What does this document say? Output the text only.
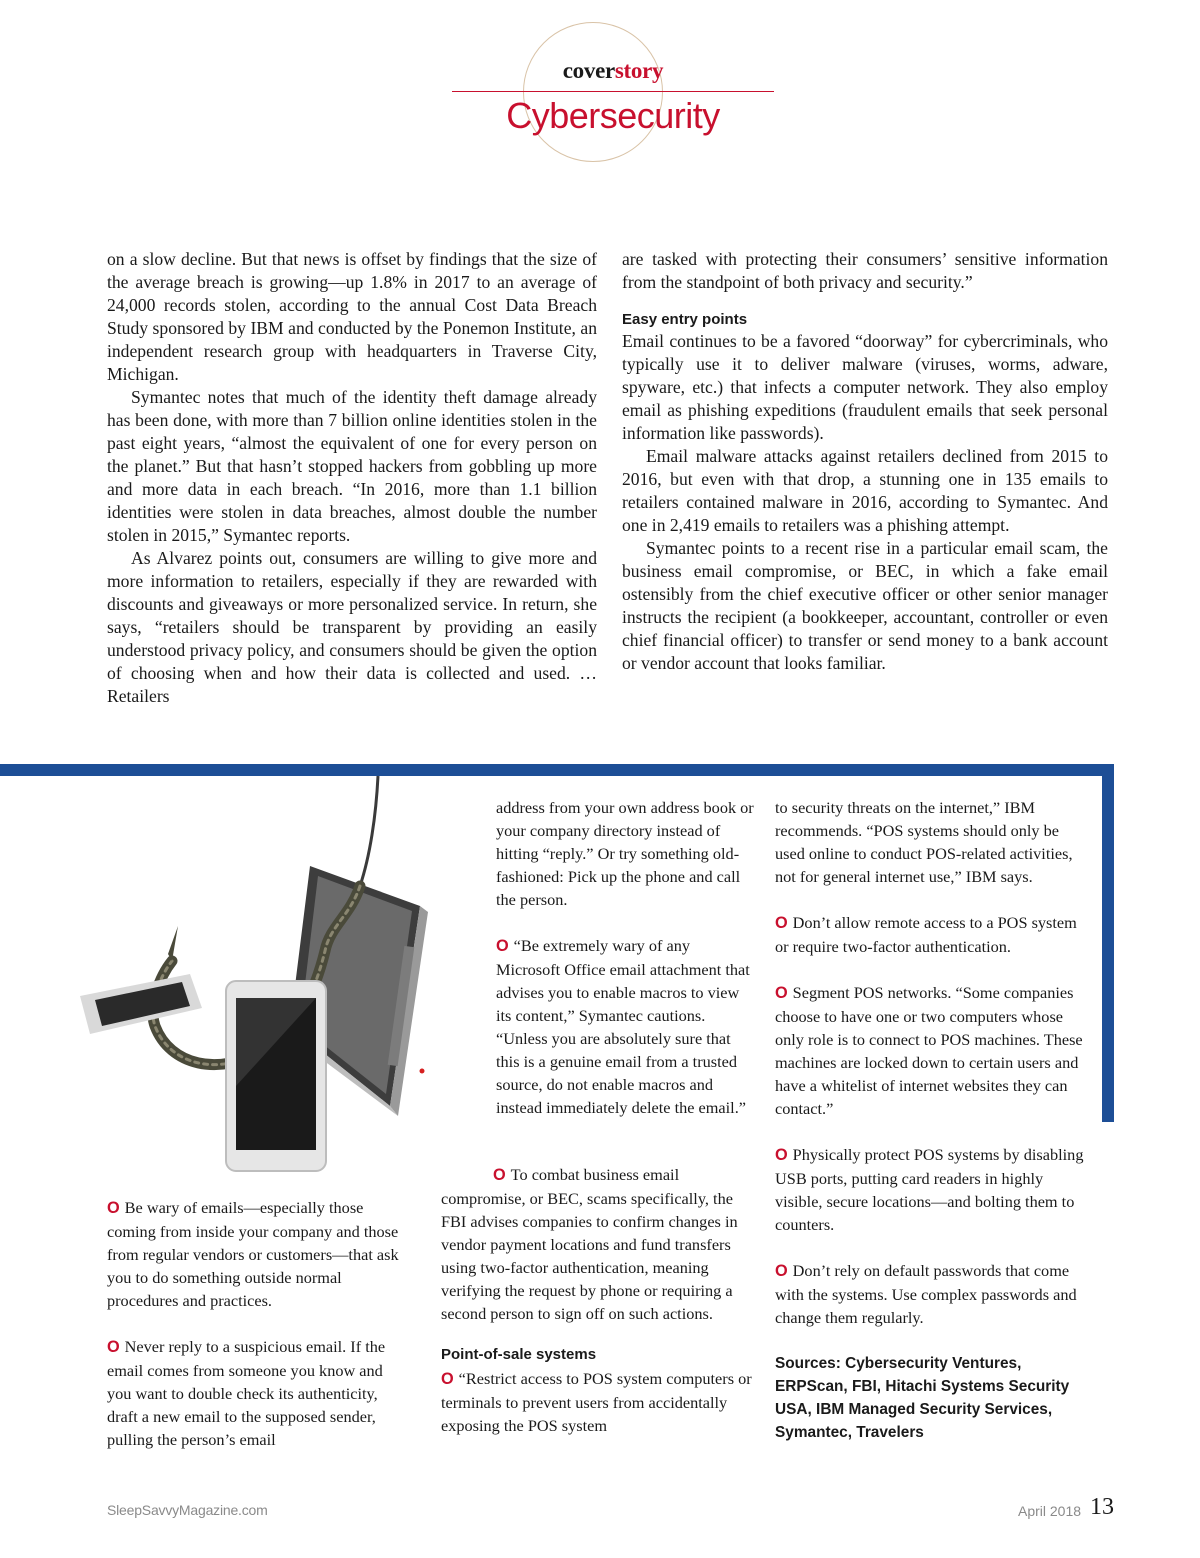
coverstory
Cybersecurity

on a slow decline. But that news is offset by findings that the size of the average breach is growing—up 1.8% in 2017 to an average of 24,000 records stolen, according to the annual Cost Data Breach Study sponsored by IBM and conducted by the Ponemon Institute, an independent research group with headquarters in Traverse City, Michigan.

Symantec notes that much of the identity theft damage already has been done, with more than 7 billion online identities stolen in the past eight years, “almost the equivalent of one for every person on the planet.” But that hasn’t stopped hackers from gobbling up more and more data in each breach. “In 2016, more than 1.1 billion identities were stolen in data breaches, almost double the number stolen in 2015,” Symantec reports.

As Alvarez points out, consumers are willing to give more and more information to retailers, especially if they are rewarded with discounts and giveaways or more personalized service. In return, she says, “retailers should be transparent by providing an easily understood privacy policy, and consumers should be given the option of choosing when and how their data is collected and used. … Retailers

are tasked with protecting their consumers’ sensitive information from the standpoint of both privacy and security.”

Easy entry points

Email continues to be a favored “doorway” for cybercriminals, who typically use it to deliver malware (viruses, worms, adware, spyware, etc.) that infects a computer network. They also employ email as phishing expeditions (fraudulent emails that seek personal information like passwords).

Email malware attacks against retailers declined from 2015 to 2016, but even with that drop, a stunning one in 135 emails to retailers contained malware in 2016, according to Symantec. And one in 2,419 emails to retailers was a phishing attempt.

Symantec points to a recent rise in a particular email scam, the business email compromise, or BEC, in which a fake email ostensibly from the chief executive officer or other senior manager instructs the recipient (a bookkeeper, accountant, controller or even chief financial officer) to transfer or send money to a bank account or vendor account that looks familiar.

O Be wary of emails—especially those coming from inside your company and those from regular vendors or customers—that ask you to do something outside normal procedures and practices.

O Never reply to a suspicious email. If the email comes from someone you know and you want to double check its authenticity, draft a new email to the supposed sender, pulling the person’s email

address from your own address book or your company directory instead of hitting “reply.” Or try something old-fashioned: Pick up the phone and call the person.

O “Be extremely wary of any Microsoft Office email attachment that advises you to enable macros to view its content,” Symantec cautions. “Unless you are absolutely sure that this is a genuine email from a trusted source, do not enable macros and instead immediately delete the email.”

O To combat business email compromise, or BEC, scams specifically, the FBI advises companies to confirm changes in vendor payment locations and fund transfers using two-factor authentication, meaning verifying the request by phone or requiring a second person to sign off on such actions.

Point-of-sale systems

O “Restrict access to POS system computers or terminals to prevent users from accidentally exposing the POS system

to security threats on the internet,” IBM recommends. “POS systems should only be used online to conduct POS-related activities, not for general internet use,” IBM says.

O Don’t allow remote access to a POS system or require two-factor authentication.

O Segment POS networks. “Some companies choose to have one or two computers whose only role is to connect to POS machines. These machines are locked down to certain users and have a whitelist of internet websites they can contact.”

O Physically protect POS systems by disabling USB ports, putting card readers in highly visible, secure locations—and bolting them to counters.

O Don’t rely on default passwords that come with the systems. Use complex passwords and change them regularly.

Sources: Cybersecurity Ventures, ERPScan, FBI, Hitachi Systems Security USA, IBM Managed Security Services, Symantec, Travelers

SleepSavvyMagazine.com	April 2018 13
